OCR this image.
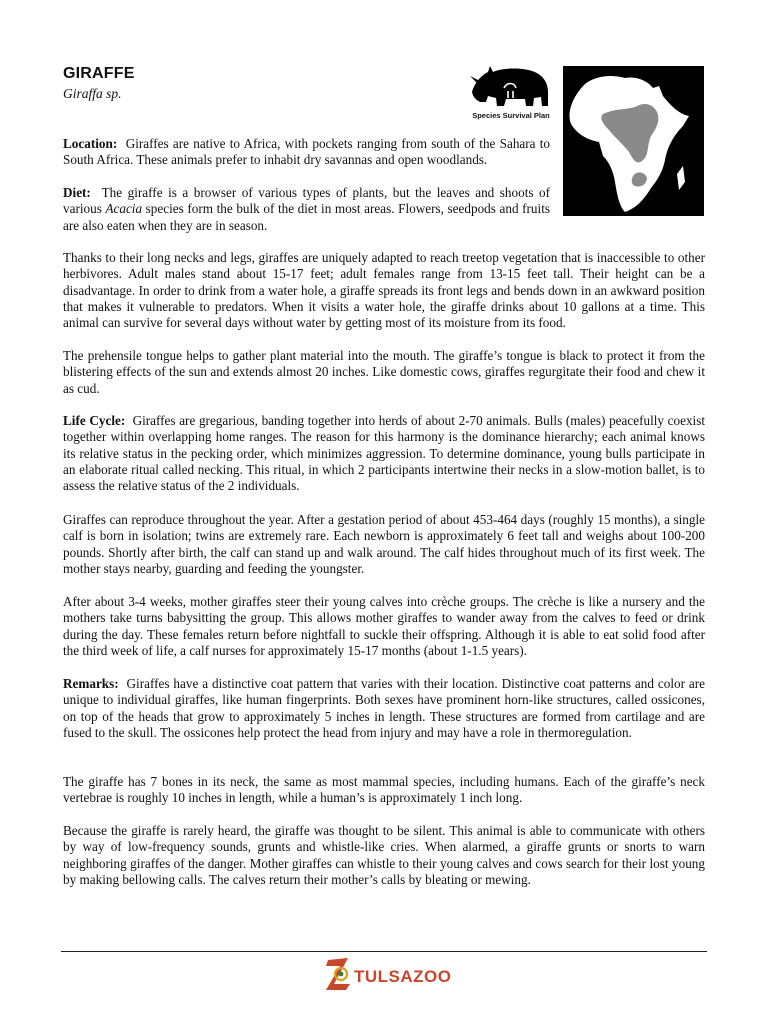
GIRAFFE
Giraffa sp.
Species Survival Plan

Location: Giraffes are native to Africa, with pockets ranging from south of the Sahara to South Africa. These animals prefer to inhabit dry savannas and open woodlands.

Diet: The giraffe is a browser of various types of plants, but the leaves and shoots of various Acacia species form the bulk of the diet in most areas. Flowers, seedpods and fruits are also eaten when they are in season.

Thanks to their long necks and legs, giraffes are uniquely adapted to reach treetop vegetation that is inaccessible to other herbivores. Adult males stand about 15-17 feet; adult females range from 13-15 feet tall. Their height can be a disadvantage. In order to drink from a water hole, a giraffe spreads its front legs and bends down in an awkward position that makes it vulnerable to predators. When it visits a water hole, the giraffe drinks about 10 gallons at a time. This animal can survive for several days without water by getting most of its moisture from its food.

The prehensile tongue helps to gather plant material into the mouth. The giraffe’s tongue is black to protect it from the blistering effects of the sun and extends almost 20 inches. Like domestic cows, giraffes regurgitate their food and chew it as cud.

Life Cycle: Giraffes are gregarious, banding together into herds of about 2-70 animals. Bulls (males) peacefully coexist together within overlapping home ranges. The reason for this harmony is the dominance hierarchy; each animal knows its relative status in the pecking order, which minimizes aggression. To determine dominance, young bulls participate in an elaborate ritual called necking. This ritual, in which 2 participants intertwine their necks in a slow-motion ballet, is to assess the relative status of the 2 individuals.

Giraffes can reproduce throughout the year. After a gestation period of about 453-464 days (roughly 15 months), a single calf is born in isolation; twins are extremely rare. Each newborn is approximately 6 feet tall and weighs about 100-200 pounds. Shortly after birth, the calf can stand up and walk around. The calf hides throughout much of its first week. The mother stays nearby, guarding and feeding the youngster.

After about 3-4 weeks, mother giraffes steer their young calves into crèche groups. The crèche is like a nursery and the mothers take turns babysitting the group. This allows mother giraffes to wander away from the calves to feed or drink during the day. These females return before nightfall to suckle their offspring. Although it is able to eat solid food after the third week of life, a calf nurses for approximately 15-17 months (about 1-1.5 years).

Remarks: Giraffes have a distinctive coat pattern that varies with their location. Distinctive coat patterns and color are unique to individual giraffes, like human fingerprints. Both sexes have prominent horn-like structures, called ossicones, on top of the heads that grow to approximately 5 inches in length. These structures are formed from cartilage and are fused to the skull. The ossicones help protect the head from injury and may have a role in thermoregulation.

The giraffe has 7 bones in its neck, the same as most mammal species, including humans. Each of the giraffe’s neck vertebrae is roughly 10 inches in length, while a human’s is approximately 1 inch long.

Because the giraffe is rarely heard, the giraffe was thought to be silent. This animal is able to communicate with others by way of low-frequency sounds, grunts and whistle-like cries. When alarmed, a giraffe grunts or snorts to warn neighboring giraffes of the danger. Mother giraffes can whistle to their young calves and cows search for their lost young by making bellowing calls. The calves return their mother’s calls by bleating or mewing.

TULSAZOO
